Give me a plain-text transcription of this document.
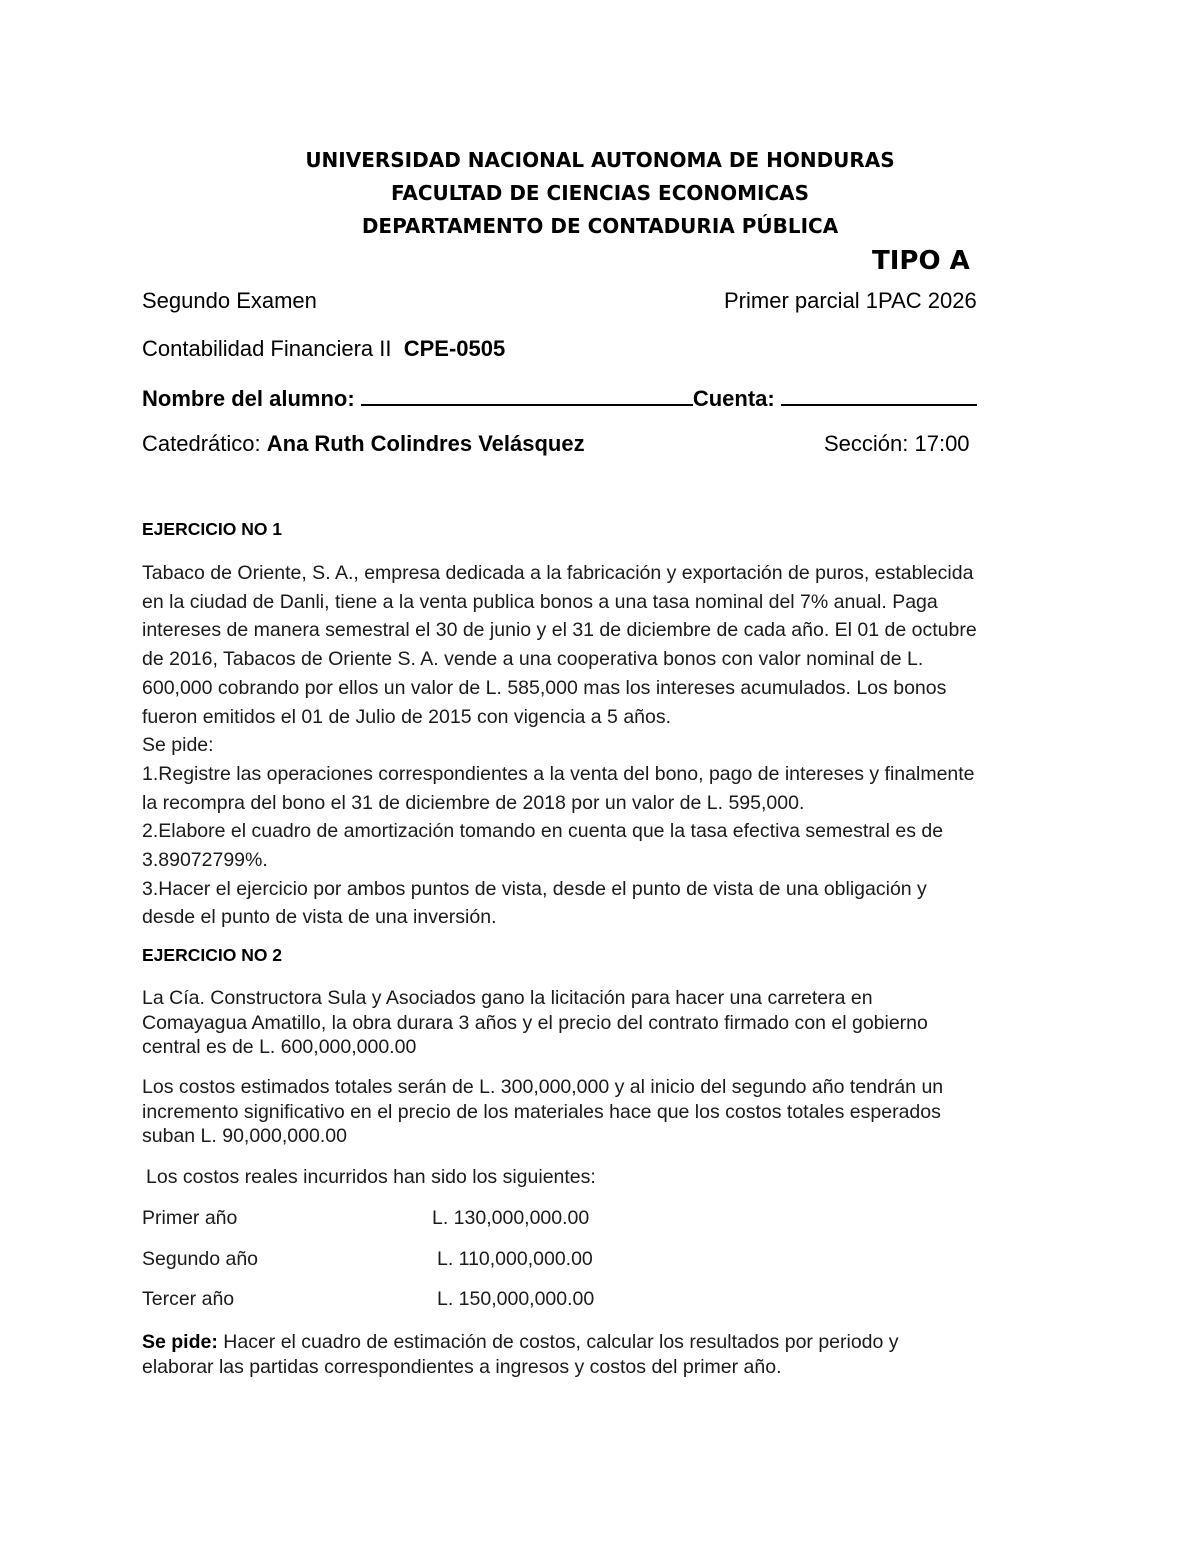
UNIVERSIDAD NACIONAL AUTONOMA DE HONDURAS
FACULTAD DE CIENCIAS ECONOMICAS
DEPARTAMENTO DE CONTADURIA PÚBLICA
TIPO A
Segundo Examen	Primer parcial 1PAC 2026
Contabilidad Financiera II CPE-0505
Nombre del alumno:	Cuenta:
Catedrático: Ana Ruth Colindres Velásquez	Sección: 17:00
EJERCICIO NO 1
Tabaco de Oriente, S. A., empresa dedicada a la fabricación y exportación de puros, establecida
en la ciudad de Danli, tiene a la venta publica bonos a una tasa nominal del 7% anual. Paga
intereses de manera semestral el 30 de junio y el 31 de diciembre de cada año. El 01 de octubre
de 2016, Tabacos de Oriente S. A. vende a una cooperativa bonos con valor nominal de L.
600,000 cobrando por ellos un valor de L. 585,000 mas los intereses acumulados. Los bonos
fueron emitidos el 01 de Julio de 2015 con vigencia a 5 años.
Se pide:
1.Registre las operaciones correspondientes a la venta del bono, pago de intereses y finalmente
la recompra del bono el 31 de diciembre de 2018 por un valor de L. 595,000.
2.Elabore el cuadro de amortización tomando en cuenta que la tasa efectiva semestral es de
3.89072799%.
3.Hacer el ejercicio por ambos puntos de vista, desde el punto de vista de una obligación y
desde el punto de vista de una inversión.
EJERCICIO NO 2
La Cía. Constructora Sula y Asociados gano la licitación para hacer una carretera en
Comayagua Amatillo, la obra durara 3 años y el precio del contrato firmado con el gobierno
central es de L. 600,000,000.00
Los costos estimados totales serán de L. 300,000,000 y al inicio del segundo año tendrán un
incremento significativo en el precio de los materiales hace que los costos totales esperados
suban L. 90,000,000.00
Los costos reales incurridos han sido los siguientes:
Primer año	L. 130,000,000.00
Segundo año	L. 110,000,000.00
Tercer año	L. 150,000,000.00
Se pide: Hacer el cuadro de estimación de costos, calcular los resultados por periodo y
elaborar las partidas correspondientes a ingresos y costos del primer año.
